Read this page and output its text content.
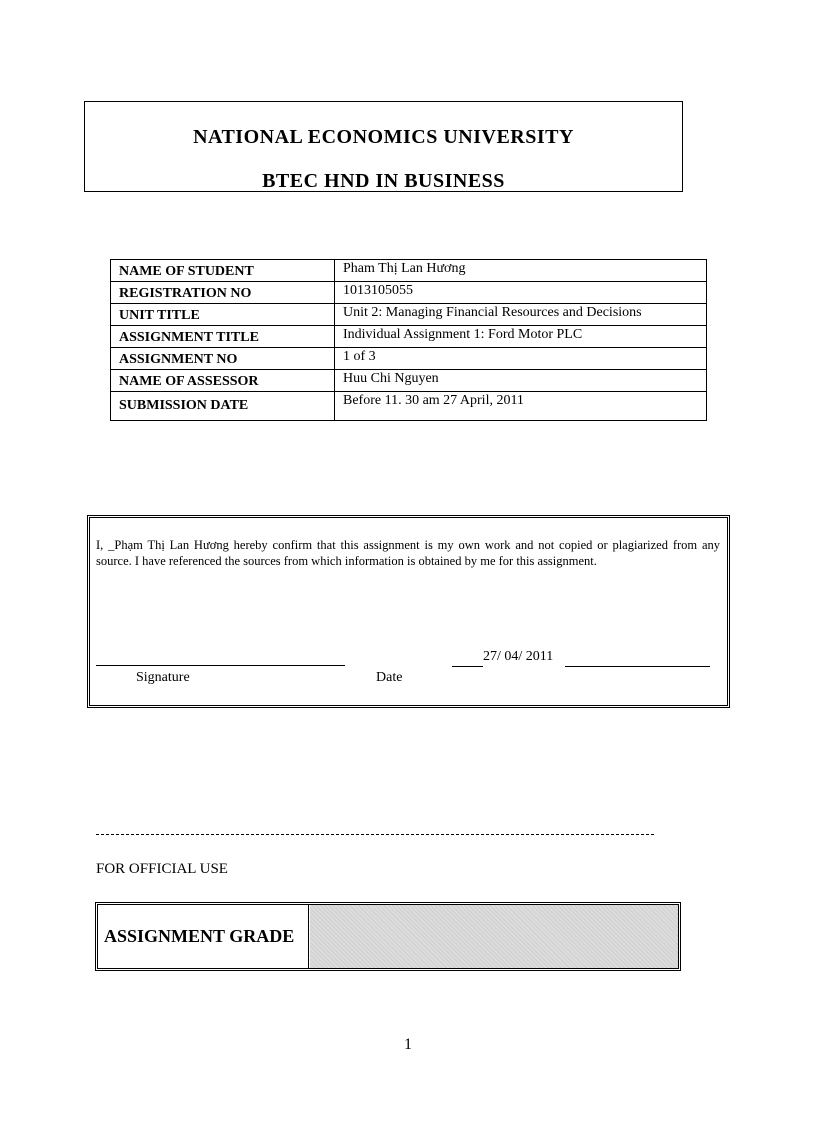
NATIONAL ECONOMICS UNIVERSITY
BTEC HND IN BUSINESS
NAME OF STUDENT	Pham Thị Lan Hương
REGISTRATION NO	1013105055
UNIT TITLE	Unit 2: Managing Financial Resources and Decisions
ASSIGNMENT TITLE	Individual Assignment 1: Ford Motor PLC
ASSIGNMENT NO	1 of 3
NAME OF ASSESSOR	Huu Chi Nguyen
SUBMISSION DATE	Before 11. 30 am 27 April, 2011
I, _Phạm Thị Lan Hương hereby confirm that this assignment is my own work and not copied or plagiarized from any source. I have referenced the sources from which information is obtained by me for this assignment.
Signature	Date
27/ 04/ 2011
FOR OFFICIAL USE
ASSIGNMENT GRADE
1
